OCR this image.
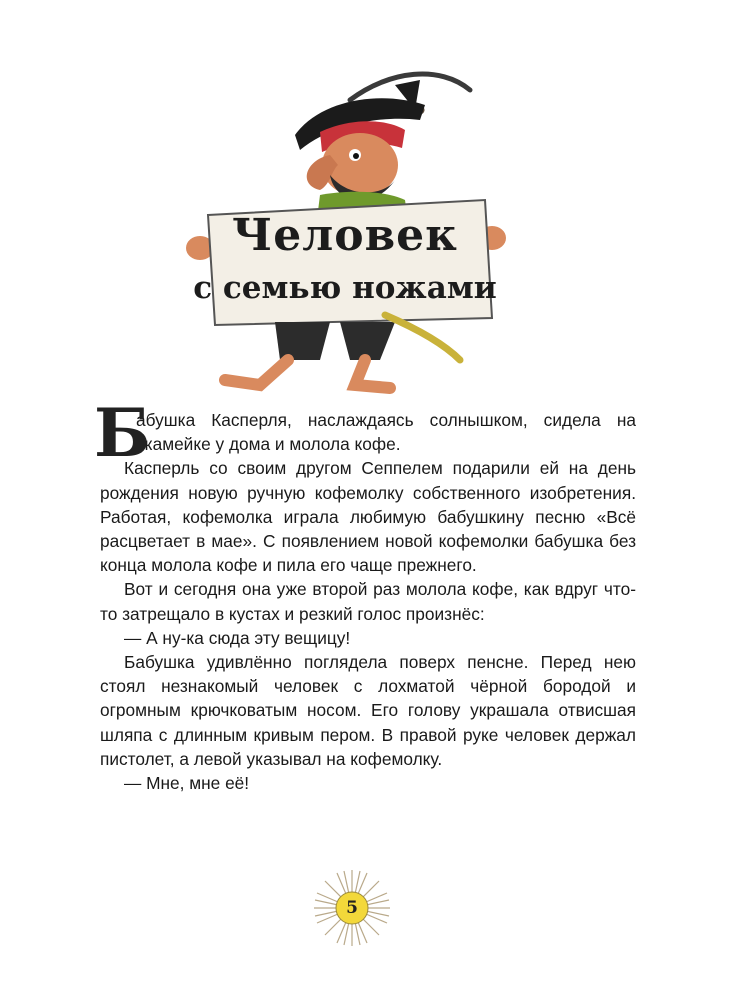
Человек
с семью ножами

Б
абушка Касперля, наслаждаясь солнышком, сидела на скамейке у дома и молола кофе.

Касперль со своим другом Сеппелем подарили ей на день рождения новую ручную кофемолку собственного изобретения. Работая, кофемолка играла любимую бабушкину песню «Всё расцветает в мае». С появлением новой кофемолки бабушка без конца молола кофе и пила его чаще прежнего.

Вот и сегодня она уже второй раз молола кофе, как вдруг что-то затрещало в кустах и резкий голос произнёс:

— А ну-ка сюда эту вещицу!

Бабушка удивлённо поглядела поверх пенсне. Перед нею стоял незнакомый человек с лохматой чёрной бородой и огромным крючковатым носом. Его голову украшала отвисшая шляпа с длинным кривым пером. В правой руке человек держал пистолет, а левой указывал на кофемолку.

— Мне, мне её!

5
